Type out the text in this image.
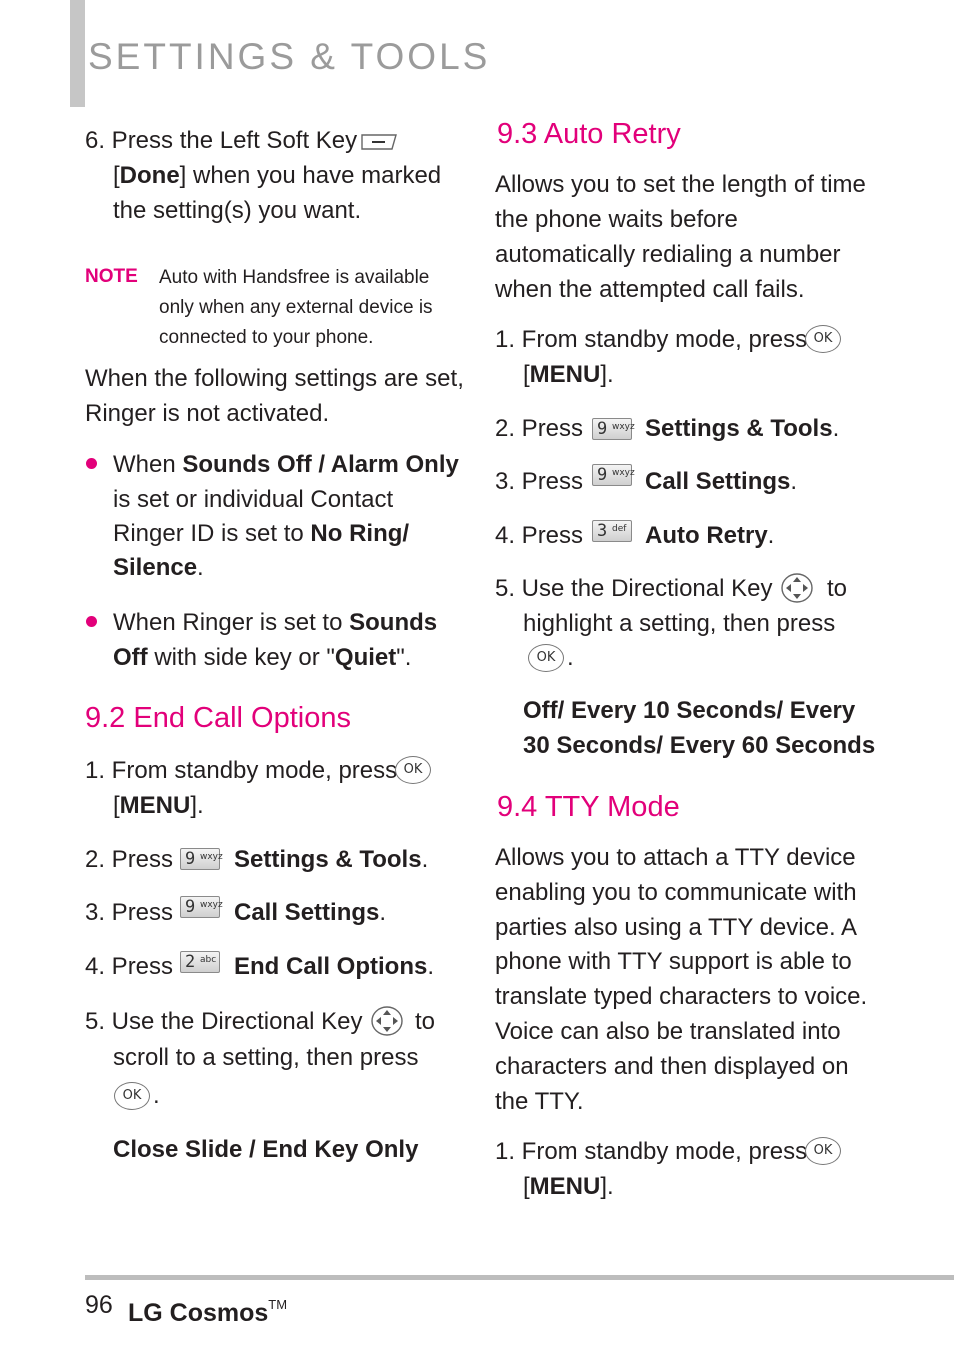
SETTINGS & TOOLS
6. Press the Left Soft Key
[Done] when you have marked
the setting(s) you want.
NOTE Auto with Handsfree is available
only when any external device is
connected to your phone.
When the following settings are set,
Ringer is not activated.
When Sounds Off / Alarm Only
is set or individual Contact
Ringer ID is set to No Ring/
Silence.
When Ringer is set to Sounds
Off with side key or "Quiet".
9.2 End Call Options
1. From standby mode, press OK
[MENU].
2. Press 9 wxyz Settings & Tools.
3. Press 9 wxyz Call Settings.
4. Press 2 abc End Call Options.
5. Use the Directional Key to
scroll to a setting, then press
OK .
Close Slide / End Key Only
9.3 Auto Retry
Allows you to set the length of time
the phone waits before
automatically redialing a number
when the attempted call fails.
1. From standby mode, press OK
[MENU].
2. Press 9 wxyz Settings & Tools.
3. Press 9 wxyz Call Settings.
4. Press 3 def Auto Retry.
5. Use the Directional Key to
highlight a setting, then press
OK .
Off/ Every 10 Seconds/ Every
30 Seconds/ Every 60 Seconds
9.4 TTY Mode
Allows you to attach a TTY device
enabling you to communicate with
parties also using a TTY device. A
phone with TTY support is able to
translate typed characters to voice.
Voice can also be translated into
characters and then displayed on
the TTY.
1. From standby mode, press OK
[MENU].
96 LG Cosmos™
